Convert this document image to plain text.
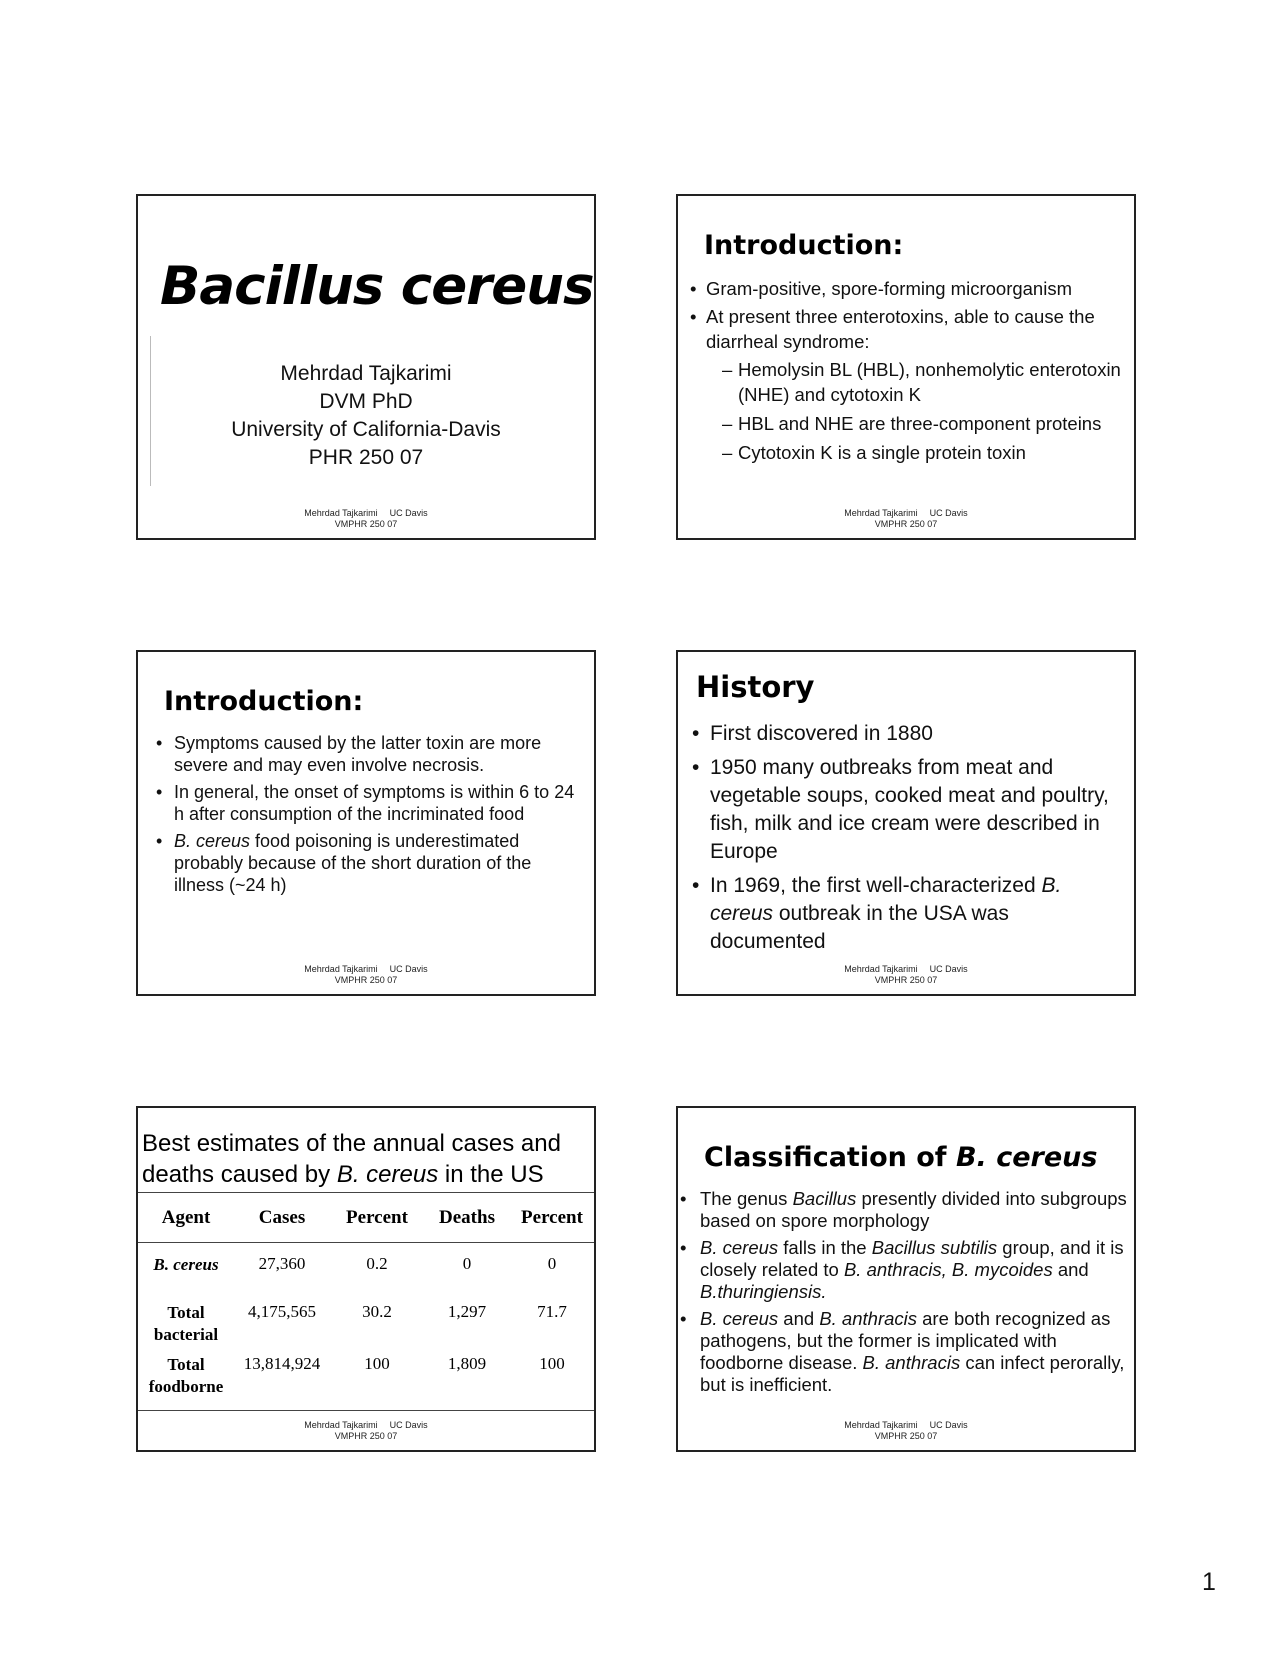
Bacillus cereus
Mehrdad Tajkarimi
DVM PhD
University of California-Davis
PHR 250 07
Mehrdad Tajkarimi UC Davis
VMPHR 250 07
Introduction:
• Gram-positive, spore-forming microorganism
• At present three enterotoxins, able to cause the diarrheal syndrome:
– Hemolysin BL (HBL), nonhemolytic enterotoxin (NHE) and cytotoxin K
– HBL and NHE are three-component proteins
– Cytotoxin K is a single protein toxin
Mehrdad Tajkarimi UC Davis
VMPHR 250 07
Introduction:
• Symptoms caused by the latter toxin are more severe and may even involve necrosis.
• In general, the onset of symptoms is within 6 to 24 h after consumption of the incriminated food
• B. cereus food poisoning is underestimated probably because of the short duration of the illness (~24 h)
Mehrdad Tajkarimi UC Davis
VMPHR 250 07
History
• First discovered in 1880
• 1950 many outbreaks from meat and vegetable soups, cooked meat and poultry, fish, milk and ice cream were described in Europe
• In 1969, the first well-characterized B. cereus outbreak in the USA was documented
Mehrdad Tajkarimi UC Davis
VMPHR 250 07
Best estimates of the annual cases and deaths caused by B. cereus in the US
Agent	Cases	Percent	Deaths	Percent
B. cereus	27,360	0.2	0	0
Total bacterial	4,175,565	30.2	1,297	71.7
Total foodborne	13,814,924	100	1,809	100
Mehrdad Tajkarimi UC Davis
VMPHR 250 07
Classification of B. cereus
• The genus Bacillus presently divided into subgroups based on spore morphology
• B. cereus falls in the Bacillus subtilis group, and it is closely related to B. anthracis, B. mycoides and B.thuringiensis.
• B. cereus and B. anthracis are both recognized as pathogens, but the former is implicated with foodborne disease. B. anthracis can infect perorally, but is inefficient.
Mehrdad Tajkarimi UC Davis
VMPHR 250 07
1
